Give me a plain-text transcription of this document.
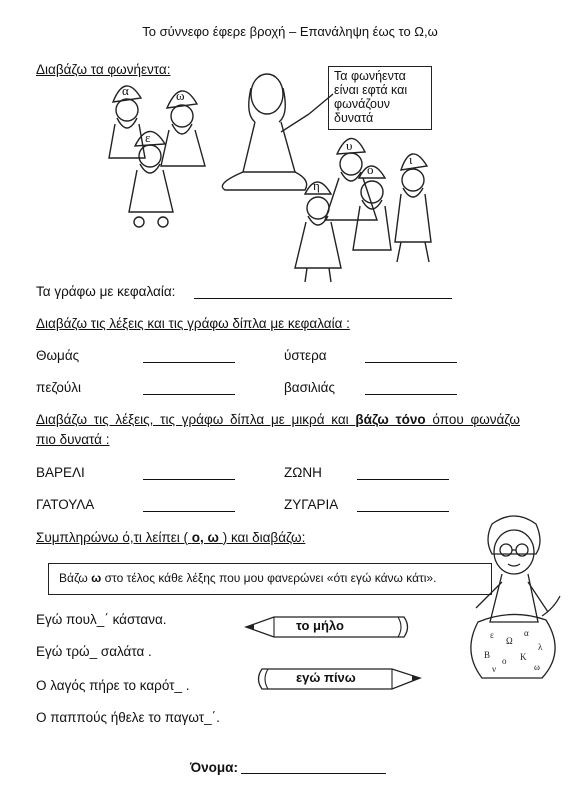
Το σύννεφο έφερε βροχή – Επανάληψη έως το Ω,ω
Διαβάζω τα φωνήεντα:
α	ω
ε
υ
ι
ο
η
Τα φωνήεντα
είναι εφτά και
φωνάζουν
δυνατά
Τα γράφω με κεφαλαία:
Διαβάζω τις λέξεις και τις γράφω δίπλα με κεφαλαία :
Θωμάς	ύστερα
πεζούλι	βασιλιάς
Διαβάζω τις λέξεις, τις γράφω δίπλα με μικρά και βάζω τόνο όπου φωνάζω
πιο δυνατά :
ΒΑΡΕΛΙ	ΖΩΝΗ
ΓΑΤΟΥΛΑ	ΖΥΓΑΡΙΑ
Συμπληρώνω ό,τι λείπει ( ο, ω ) και διαβάζω:
Βάζω ω στο τέλος κάθε λέξης που μου φανερώνει «ότι εγώ κάνω κάτι».
ε
Ω
α
λ
Β
ο Κ
ω
ν
Εγώ πουλ_΄ κάστανα.
Εγώ τρώ_ σαλάτα .
Ο λαγός πήρε το καρότ_ .
Ο παππούς ήθελε το παγωτ_΄.
το μήλο
εγώ πίνω
Όνομα:
